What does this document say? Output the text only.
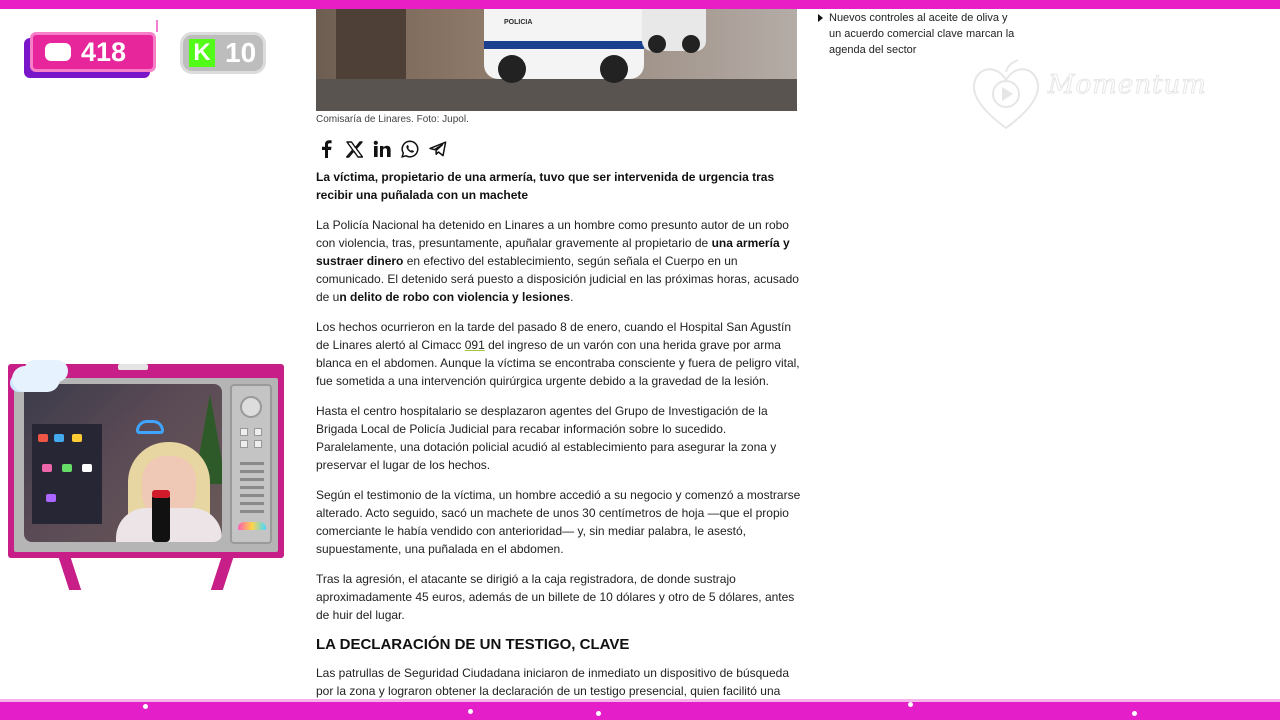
418	K 10
Momentum
POLICIA
Comisaría de Linares. Foto: Jupol.

La víctima, propietario de una armería, tuvo que ser intervenida de urgencia tras recibir una puñalada con un machete

La Policía Nacional ha detenido en Linares a un hombre como presunto autor de un robo con violencia, tras, presuntamente, apuñalar gravemente al propietario de una armería y sustraer dinero en efectivo del establecimiento, según señala el Cuerpo en un comunicado. El detenido será puesto a disposición judicial en las próximas horas, acusado de un delito de robo con violencia y lesiones.

Los hechos ocurrieron en la tarde del pasado 8 de enero, cuando el Hospital San Agustín de Linares alertó al Cimacc 091 del ingreso de un varón con una herida grave por arma blanca en el abdomen. Aunque la víctima se encontraba consciente y fuera de peligro vital, fue sometida a una intervención quirúrgica urgente debido a la gravedad de la lesión.

Hasta el centro hospitalario se desplazaron agentes del Grupo de Investigación de la Brigada Local de Policía Judicial para recabar información sobre lo sucedido. Paralelamente, una dotación policial acudió al establecimiento para asegurar la zona y preservar el lugar de los hechos.

Según el testimonio de la víctima, un hombre accedió a su negocio y comenzó a mostrarse alterado. Acto seguido, sacó un machete de unos 30 centímetros de hoja —que el propio comerciante le había vendido con anterioridad— y, sin mediar palabra, le asestó, supuestamente, una puñalada en el abdomen.

Tras la agresión, el atacante se dirigió a la caja registradora, de donde sustrajo aproximadamente 45 euros, además de un billete de 10 dólares y otro de 5 dólares, antes de huir del lugar.

LA DECLARACIÓN DE UN TESTIGO, CLAVE

Las patrullas de Seguridad Ciudadana iniciaron de inmediato un dispositivo de búsqueda por la zona y lograron obtener la declaración de un testigo presencial, quien facilitó una

Nuevos controles al aceite de oliva y un acuerdo comercial clave marcan la agenda del sector
